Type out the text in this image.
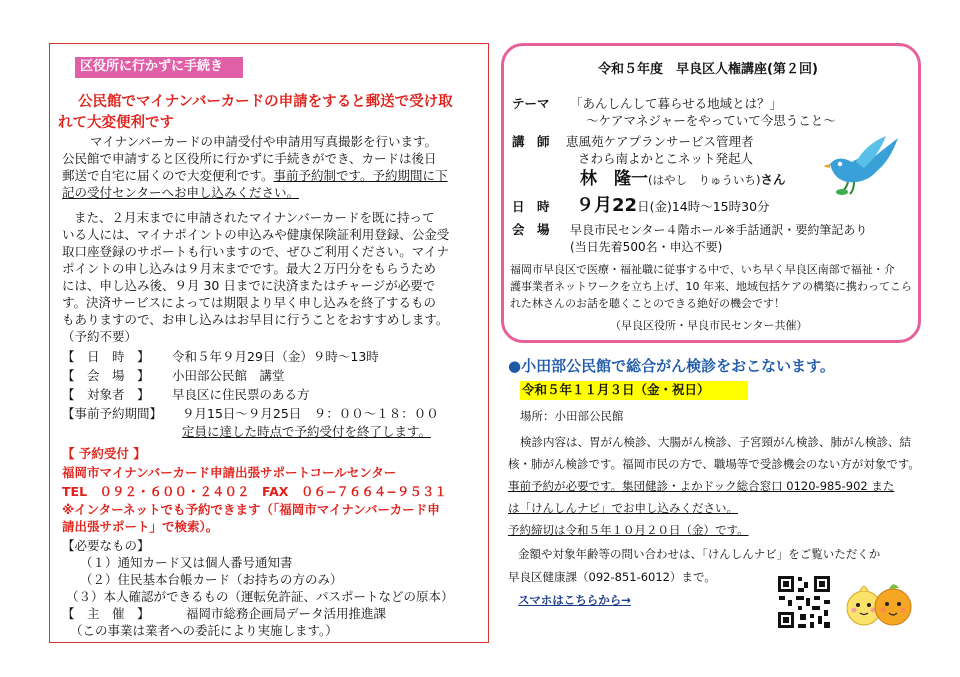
区役所に行かずに手続き
公民館でマイナンバーカードの申請をすると郵送で受け取
れて大変便利です
マイナンバーカードの申請受付や申請用写真撮影を行います。
公民館で申請すると区役所に行かずに手続きができ、カードは後日
郵送で自宅に届くので大変便利です。事前予約制です。予約期間に下
記の受付センターへお申し込みください。
また、２月末までに申請されたマイナンバーカードを既に持って
いる人には、マイナポイントの申込みや健康保険証利用登録、公金受
取口座登録のサポートも行いますので、ぜひご利用ください。マイナ
ポイントの申し込みは９月末までです。最大２万円分をもらうため
には、申し込み後、９月 30 日までに決済またはチャージが必要で
す。決済サービスによっては期限より早く申し込みを終了するもの
もありますので、お申し込みはお早目に行うことをおすすめします。
（予約不要）
【　日　時　】 令和５年９月29日（金）９時〜13時
【　会　場　】 小田部公民館　講堂
【　対象者　】 早良区に住民票のある方
【事前予約期間】 ９月15日〜９月25日　９：００〜１８：００
定員に達した時点で予約受付を終了します。
【 予約受付 】
福岡市マイナンバーカード申請出張サポートコールセンター
TEL　０９２・６００・２４０２　FAX　０６−７６６４−９５３１
※インターネットでも予約できます（「福岡市マイナンバーカード申
請出張サポート」で検索）。
【必要なもの】
（１）通知カード又は個人番号通知書
（２）住民基本台帳カード（お持ちの方のみ）
（３）本人確認ができるもの（運転免許証、パスポートなどの原本）
【　主　催　】	福岡市総務企画局データ活用推進課
（この事業は業者への委託により実施します。）
令和５年度　早良区人権講座(第２回)
テーマ 「あんしんして暮らせる地域とは？」
〜ケアマネジャーをやっていて今思うこと〜
講　師 恵風苑ケアプランサービス管理者
さわら南よかとこネット発起人
林　隆一(はやし　りゅういち)さん
日　時 ９月22日(金)14時〜15時30分
会　場 早良市民センター４階ホール※手話通訳・要約筆記あり
(当日先着500名・申込不要)
福岡市早良区で医療・福祉職に従事する中で、いち早く早良区南部で福祉・介
護事業者ネットワークを立ち上げ、10 年来、地域包括ケアの構築に携わってこら
れた林さんのお話を聴くことのできる絶好の機会です！
（早良区役所・早良市民センター共催）
●小田部公民館で総合がん検診をおこないます。
令和５年１１月３日（金・祝日）
場所：小田部公民館
検診内容は、胃がん検診、大腸がん検診、子宮頸がん検診、肺がん検診、結
核・肺がん検診です。福岡市民の方で、職場等で受診機会のない方が対象です。
事前予約が必要です。集団健診・よかドック総合窓口 0120-985-902 また
は「けんしんナビ」でお申し込みください。
予約締切は令和５年１０月２０日（金）です。
金額や対象年齢等の問い合わせは、「けんしんナビ」をご覧いただくか
早良区健康課（092-851-6012）まで。
スマホはこちらから→
